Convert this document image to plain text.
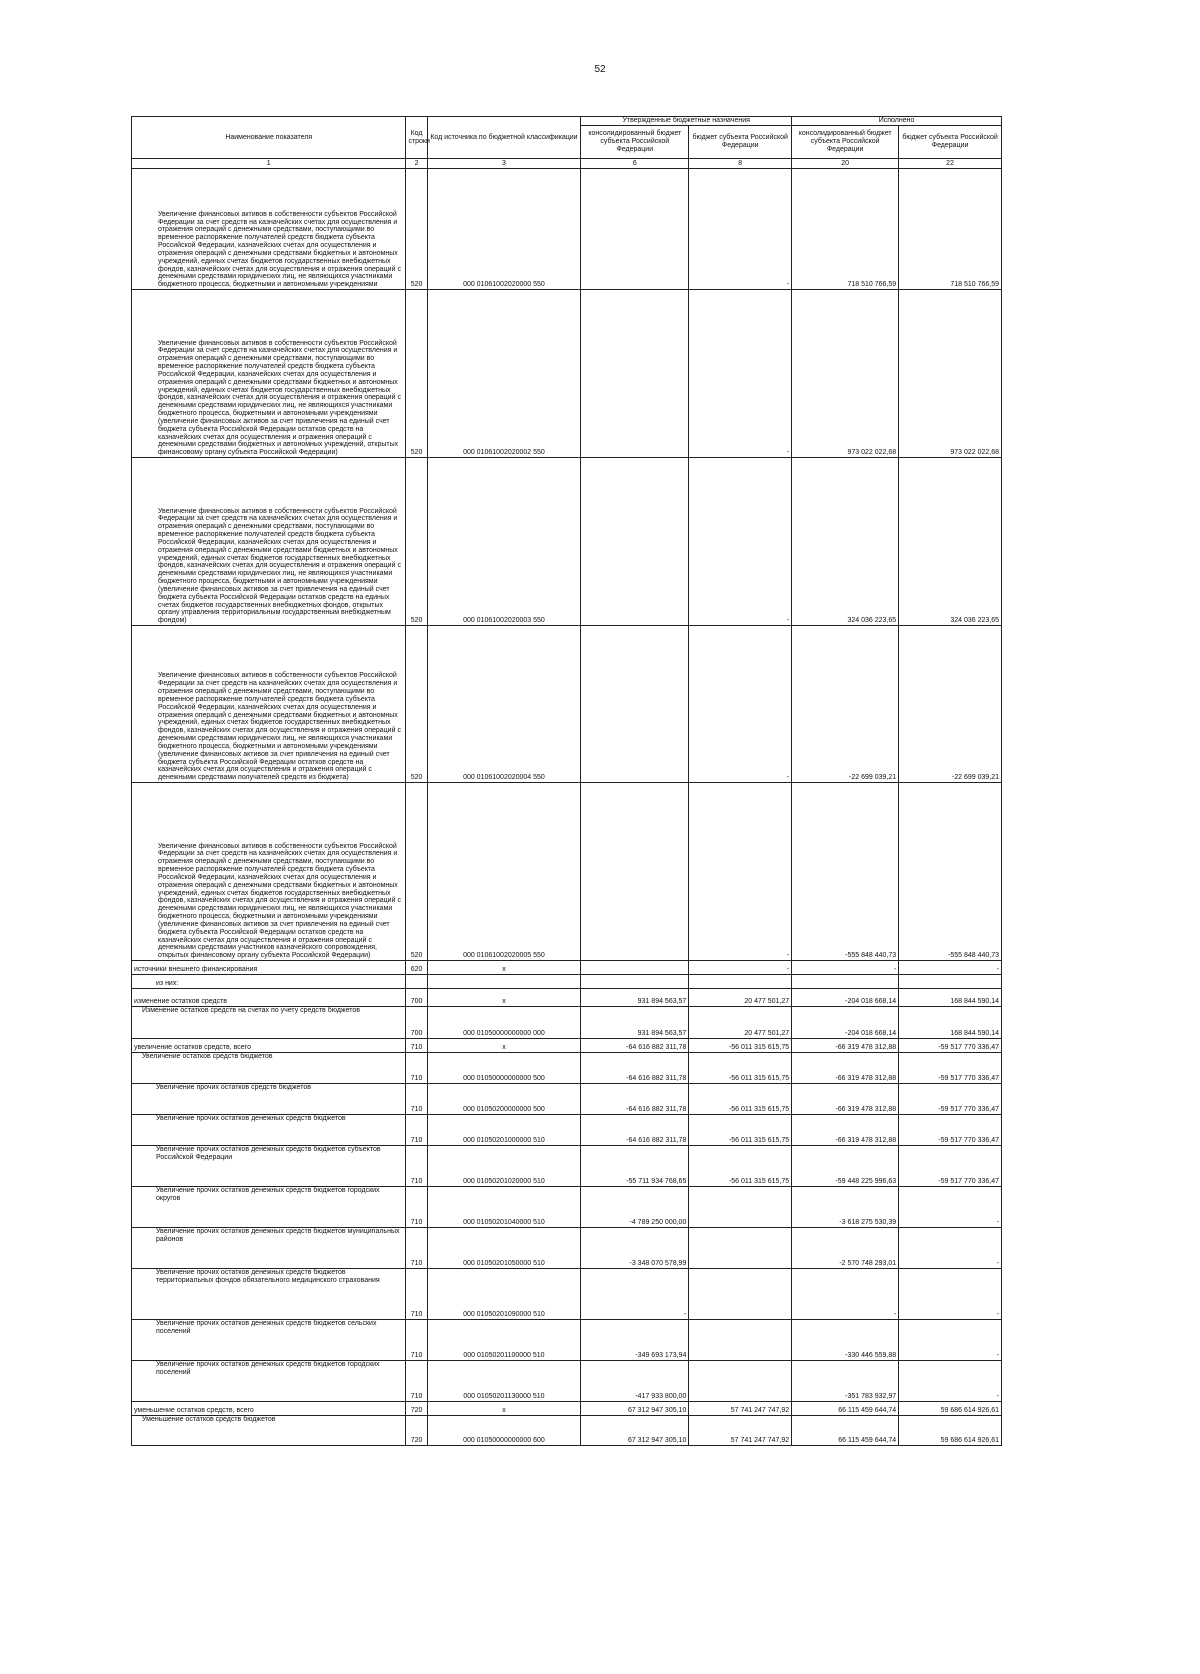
52
Наименование показателя	Код строки	Код источника по бюджетной классификации	Утвержденные бюджетные назначения		Исполнено	
			консолидированный бюджет субъекта Российской Федерации	бюджет субъекта Российской Федерации	консолидированный бюджет субъекта Российской Федерации	бюджет субъекта Российской Федерации
1	2	3	6	8	20	22
Увеличение финансовых активов в собственности субъектов Российской Федерации за счет средств на казначейских счетах для осуществления и отражения операций с денежными средствами, поступающими во временное распоряжение получателей средств бюджета субъекта Российской Федерации, казначейских счетах для осуществления и отражения операций с денежными средствами бюджетных и автономных учреждений, единых счетах бюджетов государственных внебюджетных фондов, казначейских счетах для осуществления и отражения операций с денежными средствами юридических лиц, не являющихся участниками бюджетного процесса, бюджетными и автономными учреждениями	520	000 01061002020000 550		-	718 510 766,59	718 510 766,59
Увеличение финансовых активов в собственности субъектов Российской Федерации за счет средств на казначейских счетах для осуществления и отражения операций с денежными средствами, поступающими во временное распоряжение получателей средств бюджета субъекта Российской Федерации, казначейских счетах для осуществления и отражения операций с денежными средствами бюджетных и автономных учреждений, единых счетах бюджетов государственных внебюджетных фондов, казначейских счетах для осуществления и отражения операций с денежными средствами юридических лиц, не являющихся участниками бюджетного процесса, бюджетными и автономными учреждениями (увеличение финансовых активов за счет привлечения на единый счет бюджета субъекта Российской Федерации остатков средств на казначейских счетах для осуществления и отражения операций с денежными средствами бюджетных и автономных учреждений, открытых финансовому органу субъекта Российской Федерации)	520	000 01061002020002 550		-	973 022 022,68	973 022 022,68
Увеличение финансовых активов в собственности субъектов Российской Федерации за счет средств на казначейских счетах для осуществления и отражения операций с денежными средствами, поступающими во временное распоряжение получателей средств бюджета субъекта Российской Федерации, казначейских счетах для осуществления и отражения операций с денежными средствами бюджетных и автономных учреждений, единых счетах бюджетов государственных внебюджетных фондов, казначейских счетах для осуществления и отражения операций с денежными средствами юридических лиц, не являющихся участниками бюджетного процесса, бюджетными и автономными учреждениями (увеличение финансовых активов за счет привлечения на единый счет бюджета субъекта Российской Федерации остатков средств на единых счетах бюджетов государственных внебюджетных фондов, открытых органу управления территориальным государственным внебюджетным фондом)	520	000 01061002020003 550		-	324 036 223,65	324 036 223,65
Увеличение финансовых активов в собственности субъектов Российской Федерации за счет средств на казначейских счетах для осуществления и отражения операций с денежными средствами, поступающими во временное распоряжение получателей средств бюджета субъекта Российской Федерации, казначейских счетах для осуществления и отражения операций с денежными средствами бюджетных и автономных учреждений, единых счетах бюджетов государственных внебюджетных фондов, казначейских счетах для осуществления и отражения операций с денежными средствами юридических лиц, не являющихся участниками бюджетного процесса, бюджетными и автономными учреждениями (увеличение финансовых активов за счет привлечения на единый счет бюджета субъекта Российской Федерации остатков средств на казначейских счетах для осуществления и отражения операций с денежными средствами получателей средств из бюджета)	520	000 01061002020004 550		-	-22 699 039,21	-22 699 039,21
Увеличение финансовых активов в собственности субъектов Российской Федерации за счет средств на казначейских счетах для осуществления и отражения операций с денежными средствами, поступающими во временное распоряжение получателей средств бюджета субъекта Российской Федерации, казначейских счетах для осуществления и отражения операций с денежными средствами бюджетных и автономных учреждений, единых счетах бюджетов государственных внебюджетных фондов, казначейских счетах для осуществления и отражения операций с денежными средствами юридических лиц, не являющихся участниками бюджетного процесса, бюджетными и автономными учреждениями (увеличение финансовых активов за счет привлечения на единый счет бюджета субъекта Российской Федерации остатков средств на казначейских счетах для осуществления и отражения операций с денежными средствами участников казначейского сопровождения, открытых финансовому органу субъекта Российской Федерации)	520	000 01061002020005 550		-	-555 848 440,73	-555 848 440,73
источники внешнего финансирования	620	x		-	-	-
из них:						
изменение остатков средств	700	x	931 894 563,57	20 477 501,27	-204 018 668,14	168 844 590,14
Изменение остатков средств на счетах по учету средств бюджетов	700	000 01050000000000 000	931 894 563,57	20 477 501,27	-204 018 668,14	168 844 590,14
увеличение остатков средств, всего	710	x	-64 616 882 311,78	-56 011 315 615,75	-66 319 478 312,88	-59 517 770 336,47
Увеличение остатков средств бюджетов	710	000 01050000000000 500	-64 616 882 311,78	-56 011 315 615,75	-66 319 478 312,88	-59 517 770 336,47
Увеличение прочих остатков средств бюджетов	710	000 01050200000000 500	-64 616 882 311,78	-56 011 315 615,75	-66 319 478 312,88	-59 517 770 336,47
Увеличение прочих остатков денежных средств бюджетов	710	000 01050201000000 510	-64 616 882 311,78	-56 011 315 615,75	-66 319 478 312,88	-59 517 770 336,47
Увеличение прочих остатков денежных средств бюджетов субъектов Российской Федерации	710	000 01050201020000 510	-55 711 934 768,65	-56 011 315 615,75	-59 448 225 996,63	-59 517 770 336,47
Увеличение прочих остатков денежных средств бюджетов городских округов	710	000 01050201040000 510	-4 789 250 000,00		-3 618 275 530,39	-
Увеличение прочих остатков денежных средств бюджетов муниципальных районов	710	000 01050201050000 510	-3 348 070 578,99		-2 570 748 293,01	-
Увеличение прочих остатков денежных средств бюджетов территориальных фондов обязательного медицинского страхования	710	000 01050201090000 510	-		-	-
Увеличение прочих остатков денежных средств бюджетов сельских поселений	710	000 01050201100000 510	-349 693 173,94		-330 446 559,88	-
Увеличение прочих остатков денежных средств бюджетов городских поселений	710	000 01050201130000 510	-417 933 800,00		-351 783 932,97	-
уменьшение остатков средств, всего	720	x	67 312 947 305,10	57 741 247 747,92	66 115 459 644,74	59 686 614 926,61
Уменьшение остатков средств бюджетов	720	000 01050000000000 600	67 312 947 305,10	57 741 247 747,92	66 115 459 644,74	59 686 614 926,61
